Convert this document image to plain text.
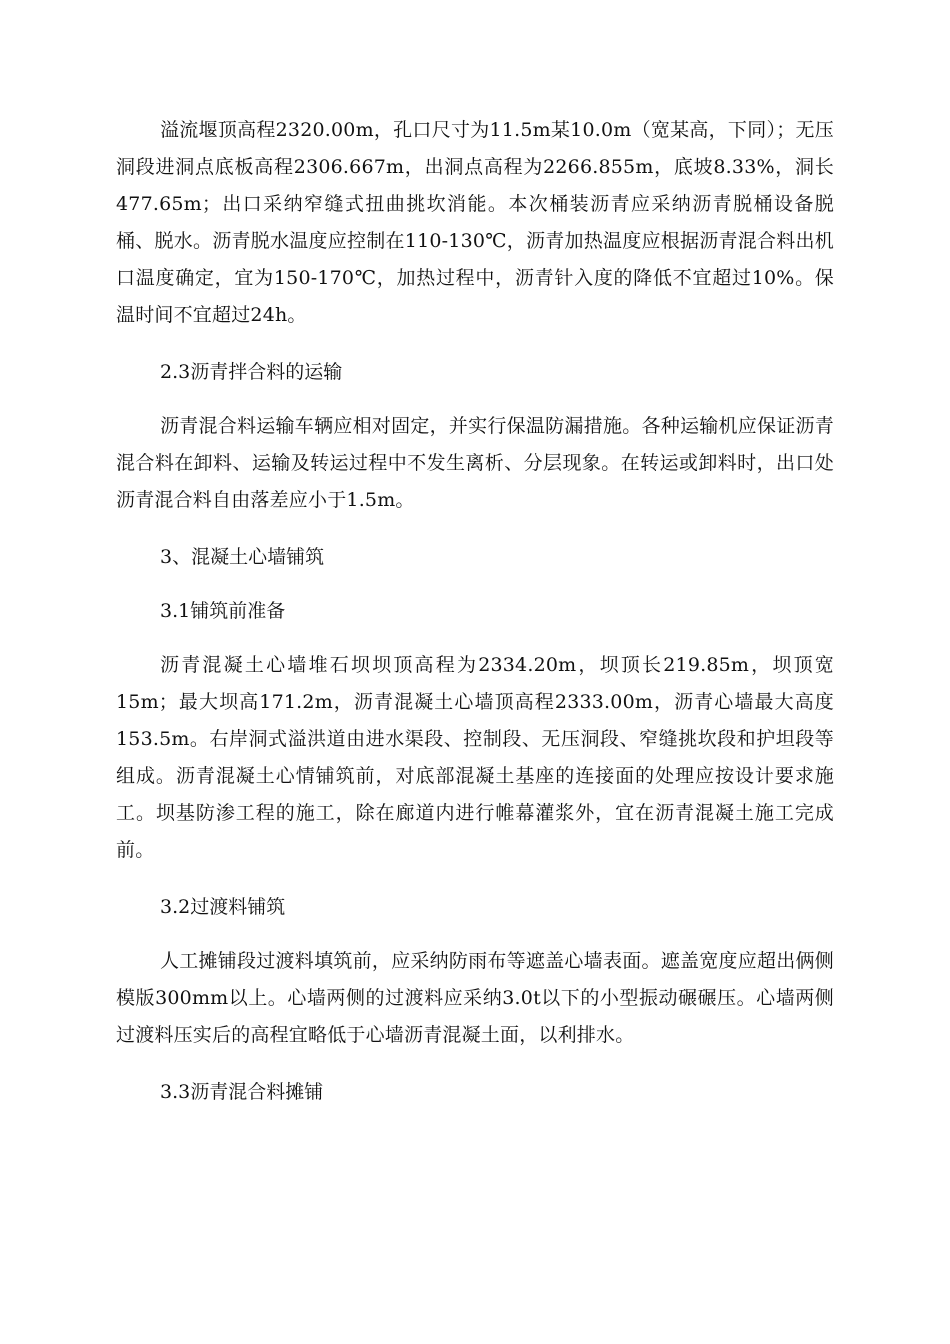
溢流堰顶高程2320.00m，孔口尺寸为11.5m某10.0m（宽某高，下同）；无压洞段进洞点底板高程2306.667m，出洞点高程为2266.855m，底坡8.33%，洞长477.65m；出口采纳窄缝式扭曲挑坎消能。本次桶装沥青应采纳沥青脱桶设备脱桶、脱水。沥青脱水温度应控制在110-130℃，沥青加热温度应根据沥青混合料出机口温度确定，宜为150-170℃，加热过程中，沥青针入度的降低不宜超过10%。保温时间不宜超过24h。

2.3沥青拌合料的运输

沥青混合料运输车辆应相对固定，并实行保温防漏措施。各种运输机应保证沥青混合料在卸料、运输及转运过程中不发生离析、分层现象。在转运或卸料时，出口处沥青混合料自由落差应小于1.5m。

3、混凝土心墙铺筑

3.1铺筑前准备

沥青混凝土心墙堆石坝坝顶高程为2334.20m，坝顶长219.85m，坝顶宽15m；最大坝高171.2m，沥青混凝土心墙顶高程2333.00m，沥青心墙最大高度153.5m。右岸洞式溢洪道由进水渠段、控制段、无压洞段、窄缝挑坎段和护坦段等组成。沥青混凝土心情铺筑前，对底部混凝土基座的连接面的处理应按设计要求施工。坝基防渗工程的施工，除在廊道内进行帷幕灌浆外，宜在沥青混凝土施工完成前。

3.2过渡料铺筑

人工摊铺段过渡料填筑前，应采纳防雨布等遮盖心墙表面。遮盖宽度应超出俩侧模版300mm以上。心墙两侧的过渡料应采纳3.0t以下的小型振动碾碾压。心墙两侧过渡料压实后的高程宜略低于心墙沥青混凝土面，以利排水。

3.3沥青混合料摊铺
